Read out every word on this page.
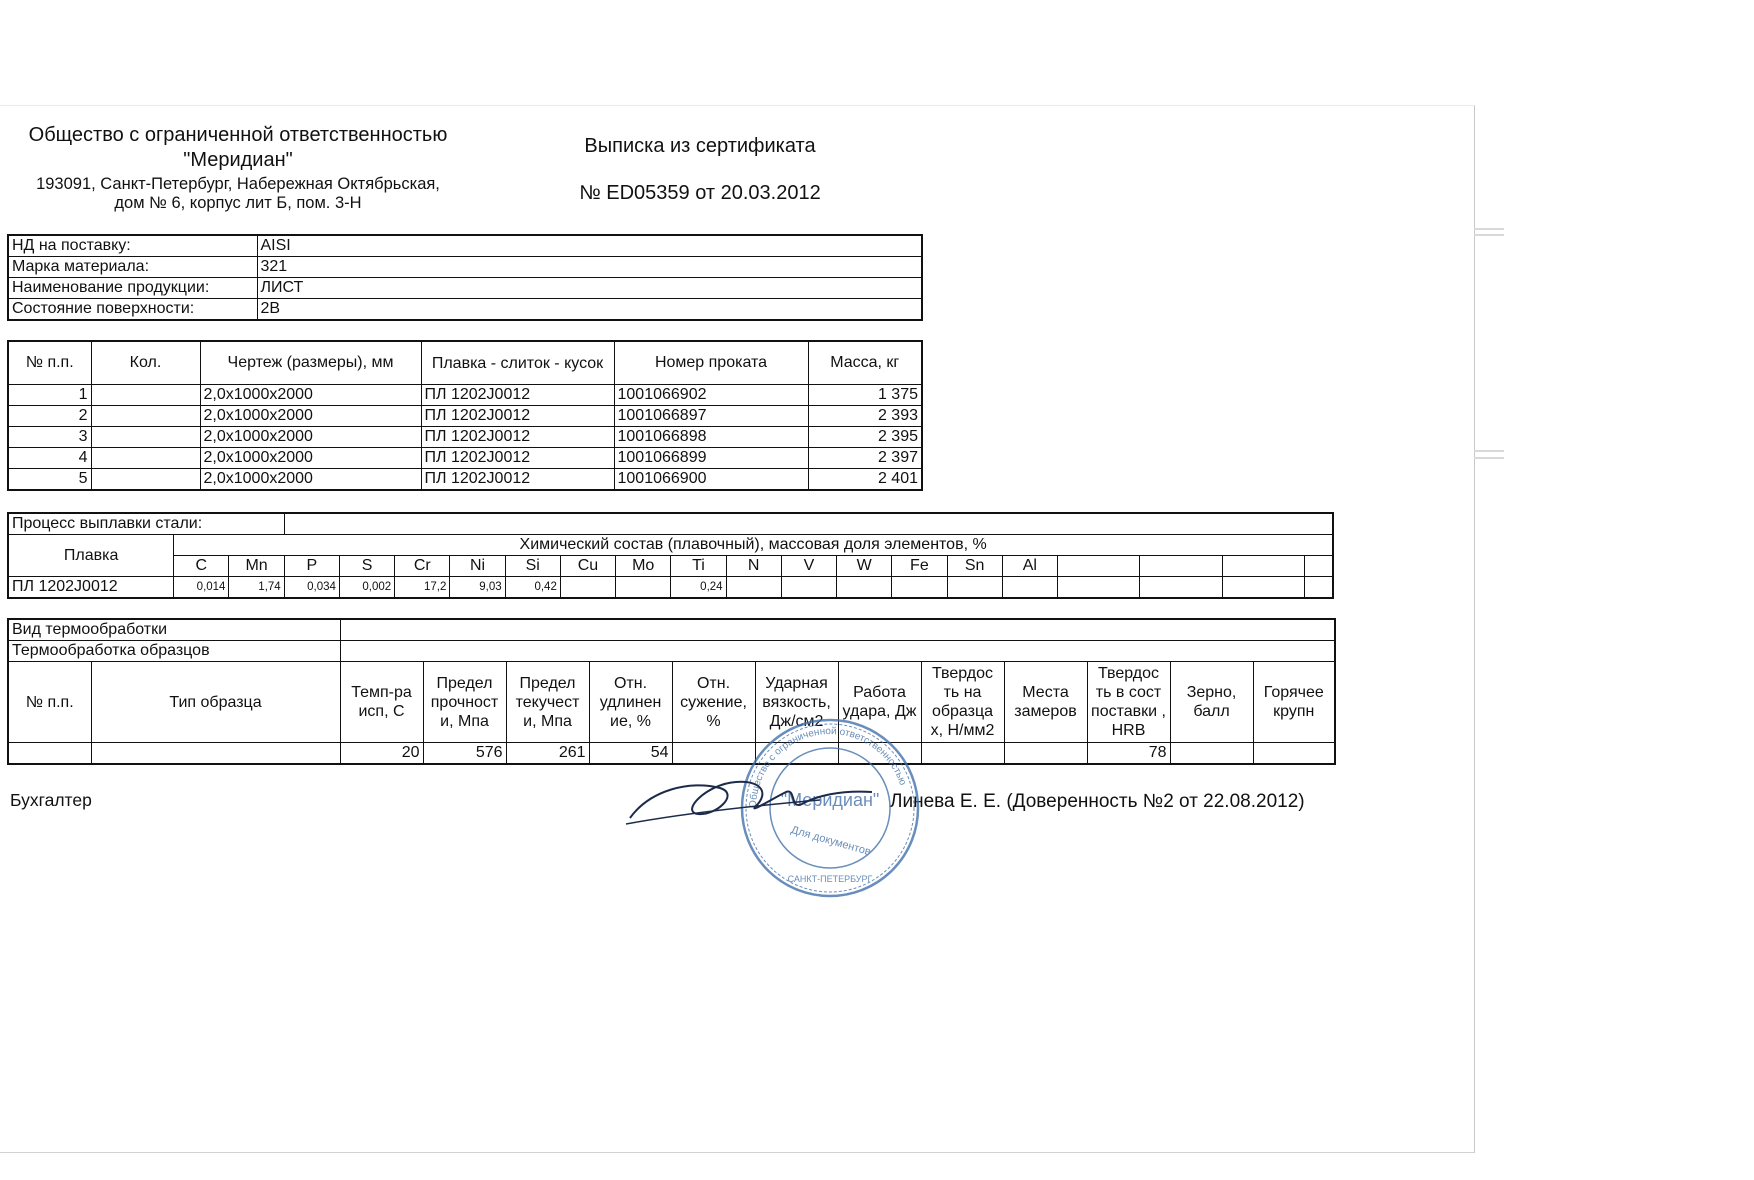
Общество с ограниченной ответственностью
"Меридиан"
193091, Санкт-Петербург, Набережная Октябрьская,
дом № 6, корпус лит Б, пом. 3-Н
Выписка из сертификата
№ ED05359 от 20.03.2012
НД на поставку:	AISI
Марка материала:	321
Наименование продукции:	ЛИСТ
Состояние поверхности:	2B
№ п.п.	Кол.	Чертеж (размеры), мм	Плавка - слиток - кусок	Номер проката	Масса, кг
1		2,0x1000x2000	ПЛ 1202J0012	1001066902	1 375
2		2,0x1000x2000	ПЛ 1202J0012	1001066897	2 393
3		2,0x1000x2000	ПЛ 1202J0012	1001066898	2 395
4		2,0x1000x2000	ПЛ 1202J0012	1001066899	2 397
5		2,0x1000x2000	ПЛ 1202J0012	1001066900	2 401
Процесс выплавки стали:																				
Плавка	Химический состав (плавочный), массовая доля элементов, %																			
	C	Mn	P	S	Cr	Ni	Si	Cu	Mo	Ti	N	V	W	Fe	Sn	Al				
ПЛ 1202J0012	0,014	1,74	0,034	0,002	17,2	9,03	0,42			0,24										
Вид термообработки													
Термообработка образцов													
№ п.п.	Тип образца	Темп-ра исп, С	Предел прочност и, Мпа	Предел текучест и, Мпа	Отн. удлинен ие, %	Отн. сужение, %	Ударная вязкость, Дж/см2	Работа удара, Дж	Твердос ть на образца х, Н/мм2	Места замеров	Твердос ть в сост поставки , HRB	Зерно, балл	Горячее крупн
		20	576	261	54						78		
Бухгалтер	Линева Е. Е. (Доверенность №2 от 22.08.2012)
Общество с ограниченной ответственностью
"Меридиан"
Для документов
САНКТ-ПЕТЕРБУРГ
